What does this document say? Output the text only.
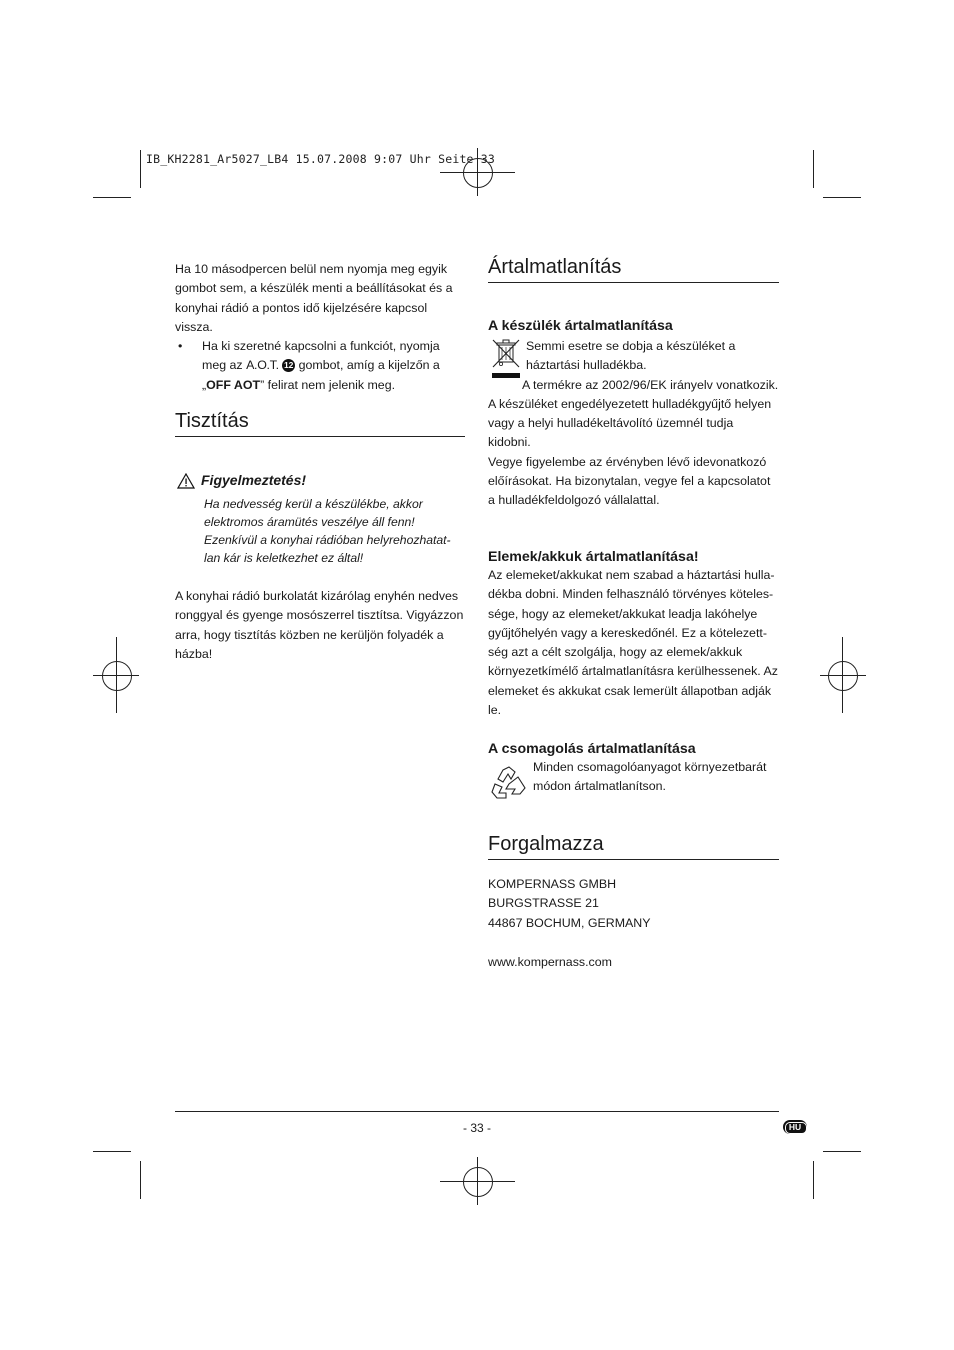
IB_KH2281_Ar5027_LB4 15.07.2008 9:07 Uhr Seite 33

Ha 10 másodpercen belül nem nyomja meg egyik gombot sem, a készülék menti a beállításokat és a konyhai rádió a pontos idő kijelzésére kapcsol vissza.

• Ha ki szeretné kapcsolni a funkciót, nyomja meg az A.O.T. 12 gombot, amíg a kijelzőn a „OFF AOT” felirat nem jelenik meg.
Tisztítás
Figyelmeztetés!

Ha nedvesség kerül a készülékbe, akkor elektromos áramütés veszélye áll fenn! Ezenkívül a konyhai rádióban helyrehozhatat-lan kár is keletkezhet ez által!

A konyhai rádió burkolatát kizárólag enyhén nedves ronggyal és gyenge mosószerrel tisztítsa. Vigyázzon arra, hogy tisztítás közben ne kerüljön folyadék a házba!

Ártalmatlanítás
A készülék ártalmatlanítása

Semmi esetre se dobja a készüléket a háztartási hulladékba.

A termékre az 2002/96/EK irányelv vonatkozik.

A készüléket engedélyezetett hulladékgyűjtő helyen vagy a helyi hulladékeltávolító üzemnél tudja kidobni.

Vegye figyelembe az érvényben lévő idevonatkozó előírásokat. Ha bizonytalan, vegye fel a kapcsolatot a hulladékfeldolgozó vállalattal.

Elemek/akkuk ártalmatlanítása!

Az elemeket/akkukat nem szabad a háztartási hulla-dékba dobni. Minden felhasználó törvényes köteles-sége, hogy az elemeket/akkukat leadja lakóhelye gyűjtőhelyén vagy a kereskedőnél. Ez a kötelezett-ség azt a célt szolgálja, hogy az elemek/akkuk környezetkímélő ártalmatlanításra kerülhessenek. Az elemeket és akkukat csak lemerült állapotban adják le.

A csomagolás ártalmatlanítása

Minden csomagolóanyagot környezetbarát módon ártalmatlanítson.

Forgalmazza

KOMPERNASS GMBH

BURGSTRASSE 21

44867 BOCHUM, GERMANY

www.kompernass.com

- 33 -	HU
